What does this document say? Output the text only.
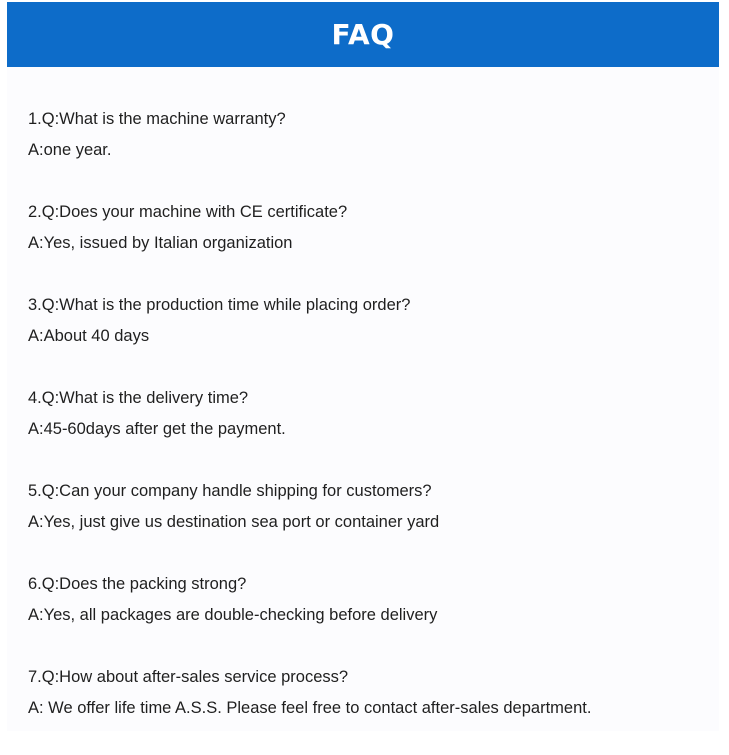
FAQ
1.Q:What is the machine warranty?
A:one year.
2.Q:Does your machine with CE certificate?
A:Yes, issued by Italian organization
3.Q:What is the production time while placing order?
A:About 40 days
4.Q:What is the delivery time?
A:45-60days after get the payment.
5.Q:Can your company handle shipping for customers?
A:Yes, just give us destination sea port or container yard
6.Q:Does the packing strong?
A:Yes, all packages are double-checking before delivery
7.Q:How about after-sales service process?
A: We offer life time A.S.S. Please feel free to contact after-sales department.
